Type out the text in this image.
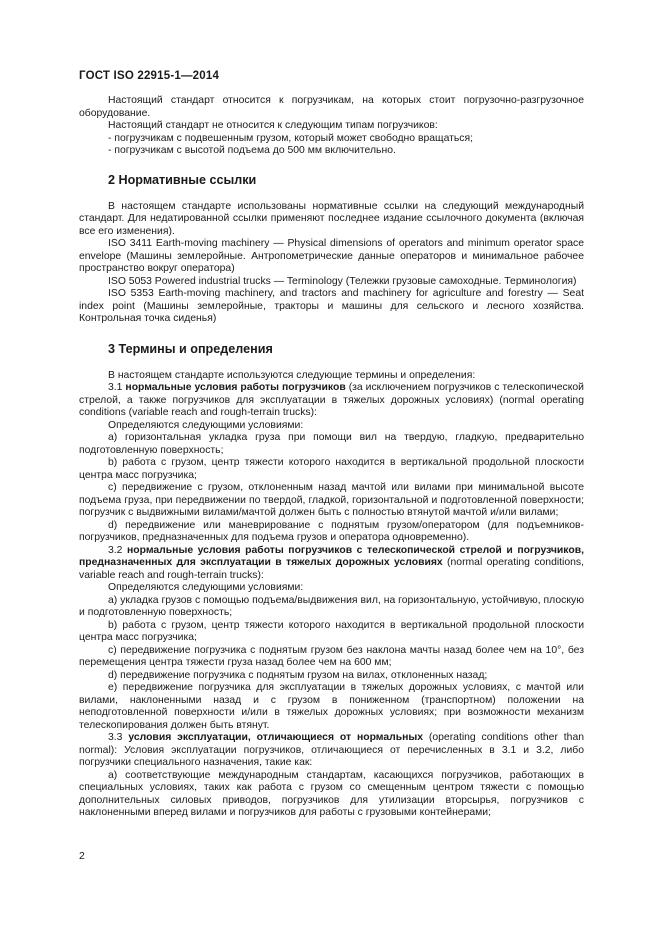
ГОСТ ISO 22915-1—2014

Настоящий стандарт относится к погрузчикам, на которых стоит погрузочно-разгрузочное оборудование.

Настоящий стандарт не относится к следующим типам погрузчиков:

- погрузчикам с подвешенным грузом, который может свободно вращаться;

- погрузчикам с высотой подъема до 500 мм включительно.

2 Нормативные ссылки

В настоящем стандарте использованы нормативные ссылки на следующий международный стандарт. Для недатированной ссылки применяют последнее издание ссылочного документа (включая все его изменения).

ISO 3411 Earth-moving machinery — Physical dimensions of operators and minimum operator space envelope (Машины землеройные. Антропометрические данные операторов и минимальное рабочее пространство вокруг оператора)

ISO 5053 Powered industrial trucks — Terminology (Тележки грузовые самоходные. Терминология)

ISO 5353 Earth-moving machinery, and tractors and machinery for agriculture and forestry — Seat index point (Машины землеройные, тракторы и машины для сельского и лесного хозяйства. Контрольная точка сиденья)

3 Термины и определения

В настоящем стандарте используются следующие термины и определения:

3.1 нормальные условия работы погрузчиков (за исключением погрузчиков с телескопической стрелой, а также погрузчиков для эксплуатации в тяжелых дорожных условиях) (normal operating conditions (variable reach and rough-terrain trucks):

Определяются следующими условиями:

а) горизонтальная укладка груза при помощи вил на твердую, гладкую, предварительно подготовленную поверхность;

b) работа с грузом, центр тяжести которого находится в вертикальной продольной плоскости центра масс погрузчика;

c) передвижение с грузом, отклоненным назад мачтой или вилами при минимальной высоте подъема груза, при передвижении по твердой, гладкой, горизонтальной и подготовленной поверхности; погрузчик с выдвижными вилами/мачтой должен быть с полностью втянутой мачтой и/или вилами;

d) передвижение или маневрирование с поднятым грузом/оператором (для подъемников-погрузчиков, предназначенных для подъема грузов и оператора одновременно).

3.2 нормальные условия работы погрузчиков с телескопической стрелой и погрузчиков, предназначенных для эксплуатации в тяжелых дорожных условиях (normal operating conditions, variable reach and rough-terrain trucks):

Определяются следующими условиями:

а) укладка грузов с помощью подъема/выдвижения вил, на горизонтальную, устойчивую, плоскую и подготовленную поверхность;

b) работа с грузом, центр тяжести которого находится в вертикальной продольной плоскости центра масс погрузчика;

c) передвижение погрузчика с поднятым грузом без наклона мачты назад более чем на 10°, без перемещения центра тяжести груза назад более чем на 600 мм;

d) передвижение погрузчика с поднятым грузом на вилах, отклоненных назад;

e) передвижение погрузчика для эксплуатации в тяжелых дорожных условиях, с мачтой или вилами, наклоненными назад и с грузом в пониженном (транспортном) положении на неподготовленной поверхности и/или в тяжелых дорожных условиях; при возможности механизм телескопирования должен быть втянут.

3.3 условия эксплуатации, отличающиеся от нормальных (operating conditions other than normal): Условия эксплуатации погрузчиков, отличающиеся от перечисленных в 3.1 и 3.2, либо погрузчики специального назначения, такие как:

а) соответствующие международным стандартам, касающихся погрузчиков, работающих в специальных условиях, таких как работа с грузом со смещенным центром тяжести с помощью дополнительных силовых приводов, погрузчиков для утилизации вторсырья, погрузчиков с наклоненными вперед вилами и погрузчиков для работы с грузовыми контейнерами;

2
